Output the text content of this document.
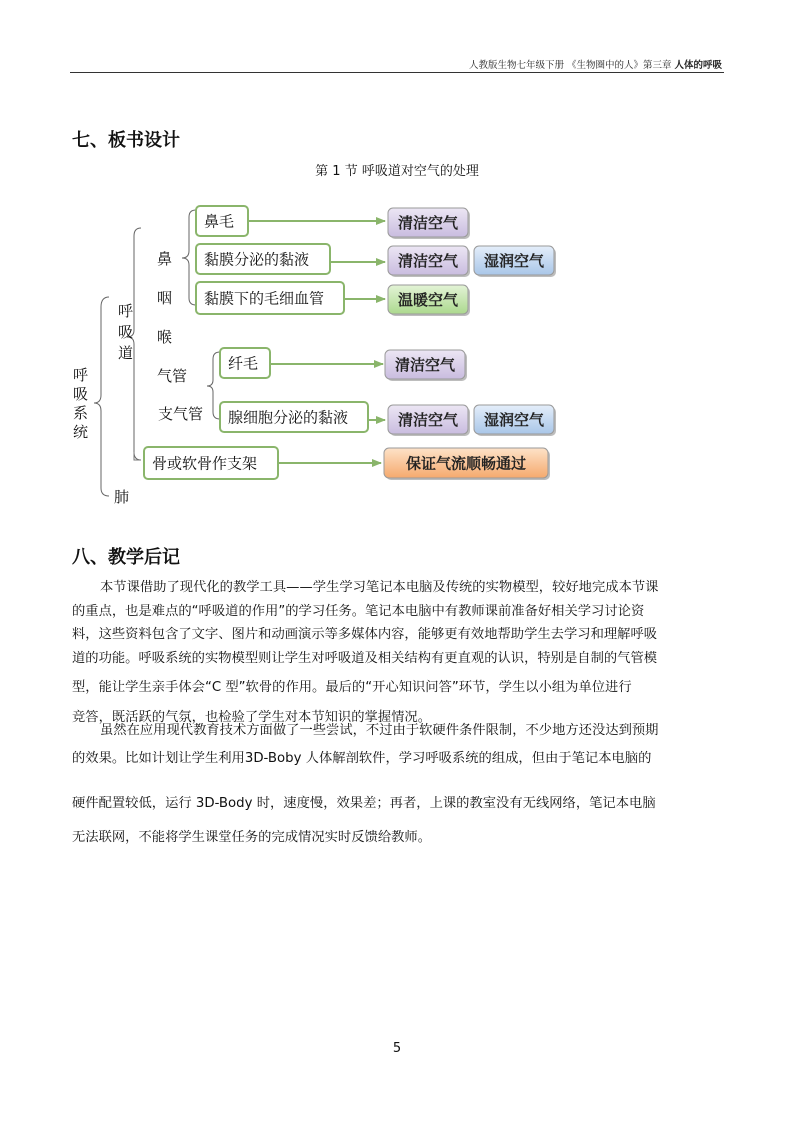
人教版生物七年级下册 《生物圈中的人》第三章 人体的呼吸
七、板书设计
第 1 节 呼吸道对空气的处理
呼吸系统
呼吸道
鼻
咽
喉
气管
支气管
肺
鼻毛
黏膜分泌的黏液
黏膜下的毛细血管
纤毛
腺细胞分泌的黏液
骨或软骨作支架
清洁空气
清洁空气 湿润空气
温暖空气
清洁空气
清洁空气 湿润空气
保证气流顺畅通过
八、教学后记
本节课借助了现代化的教学工具——学生学习笔记本电脑及传统的实物模型，较好地完成本节课
的重点，也是难点的“呼吸道的作用”的学习任务。笔记本电脑中有教师课前准备好相关学习讨论资
料，这些资料包含了文字、图片和动画演示等多媒体内容，能够更有效地帮助学生去学习和理解呼吸
道的功能。呼吸系统的实物模型则让学生对呼吸道及相关结构有更直观的认识，特别是自制的气管模
型，能让学生亲手体会“C 型”软骨的作用。最后的“开心知识问答”环节，学生以小组为单位进行
竞答，既活跃的气氛，也检验了学生对本节知识的掌握情况。
虽然在应用现代教育技术方面做了一些尝试，不过由于软硬件条件限制，不少地方还没达到预期
的效果。比如计划让学生利用3D-Boby 人体解剖软件，学习呼吸系统的组成，但由于笔记本电脑的
硬件配置较低，运行 3D-Body 时，速度慢，效果差；再者，上课的教室没有无线网络，笔记本电脑
无法联网，不能将学生课堂任务的完成情况实时反馈给教师。
5
